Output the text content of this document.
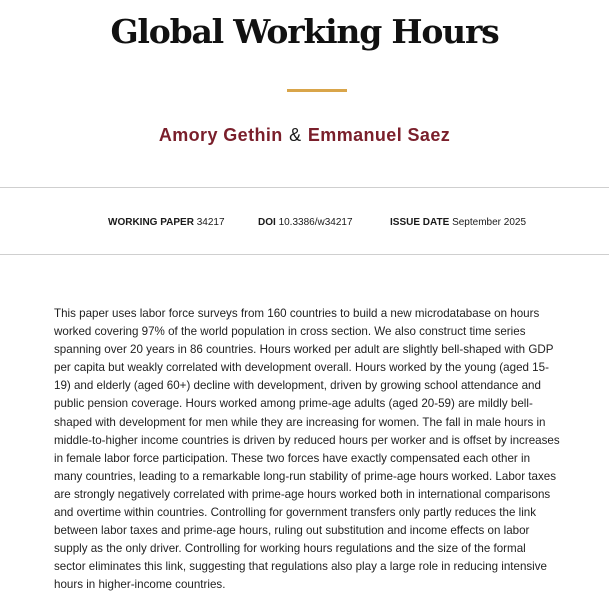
Global Working Hours
Amory Gethin & Emmanuel Saez
WORKING PAPER 34217	DOI 10.3386/w34217	ISSUE DATE September 2025

This paper uses labor force surveys from 160 countries to build a new microdatabase on hours worked covering 97% of the world population in cross section. We also construct time series spanning over 20 years in 86 countries. Hours worked per adult are slightly bell-shaped with GDP per capita but weakly correlated with development overall. Hours worked by the young (aged 15-19) and elderly (aged 60+) decline with development, driven by growing school attendance and public pension coverage. Hours worked among prime-age adults (aged 20-59) are mildly bell-shaped with development for men while they are increasing for women. The fall in male hours in middle-to-higher income countries is driven by reduced hours per worker and is offset by increases in female labor force participation. These two forces have exactly compensated each other in many countries, leading to a remarkable long-run stability of prime-age hours worked. Labor taxes are strongly negatively correlated with prime-age hours worked both in international comparisons and overtime within countries. Controlling for government transfers only partly reduces the link between labor taxes and prime-age hours, ruling out substitution and income effects on labor supply as the only driver. Controlling for working hours regulations and the size of the formal sector eliminates this link, suggesting that regulations also play a large role in reducing intensive hours in higher-income countries.
